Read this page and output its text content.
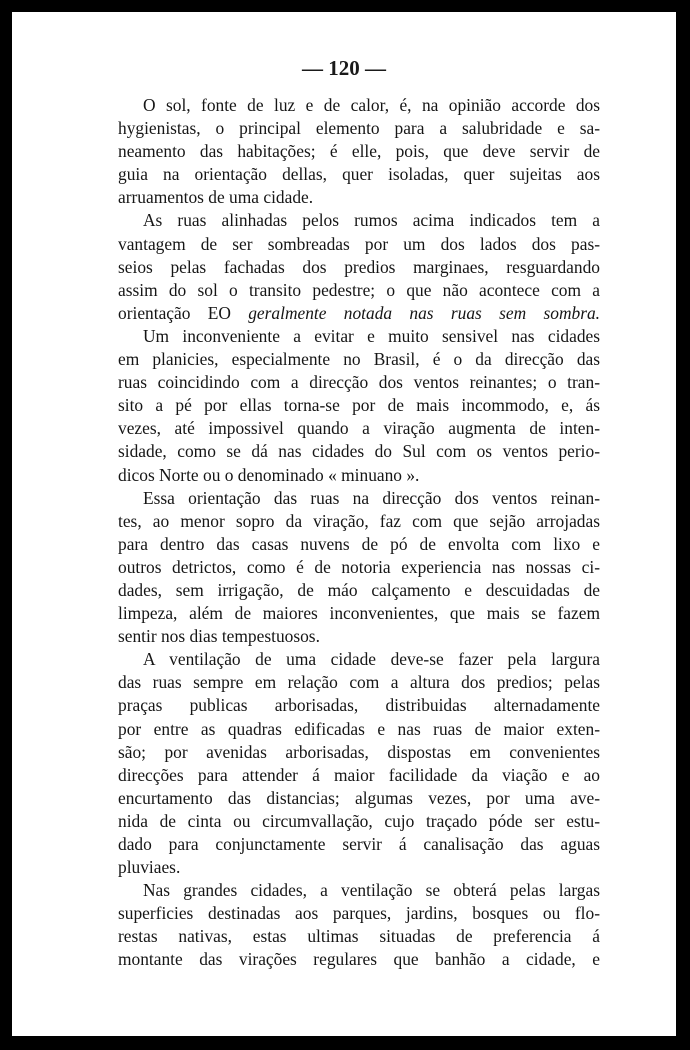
— 120 —
O sol, fonte de luz e de calor, é, na opinião accorde dos
hygienistas, o principal elemento para a salubridade e sa-
neamento das habitações; é elle, pois, que deve servir de
guia na orientação dellas, quer isoladas, quer sujeitas aos
arruamentos de uma cidade.
As ruas alinhadas pelos rumos acima indicados tem a
vantagem de ser sombreadas por um dos lados dos pas-
seios pelas fachadas dos predios marginaes, resguardando
assim do sol o transito pedestre; o que não acontece com a
orientação EO geralmente notada nas ruas sem sombra.
Um inconveniente a evitar e muito sensivel nas cidades
em planicies, especialmente no Brasil, é o da direcção das
ruas coincidindo com a direcção dos ventos reinantes; o tran-
sito a pé por ellas torna-se por de mais incommodo, e, ás
vezes, até impossivel quando a viração augmenta de inten-
sidade, como se dá nas cidades do Sul com os ventos perio-
dicos Norte ou o denominado « minuano ».
Essa orientação das ruas na direcção dos ventos reinan-
tes, ao menor sopro da viração, faz com que sejão arrojadas
para dentro das casas nuvens de pó de envolta com lixo e
outros detrictos, como é de notoria experiencia nas nossas ci-
dades, sem irrigação, de máo calçamento e descuidadas de
limpeza, além de maiores inconvenientes, que mais se fazem
sentir nos dias tempestuosos.
A ventilação de uma cidade deve-se fazer pela largura
das ruas sempre em relação com a altura dos predios; pelas
praças publicas arborisadas, distribuidas alternadamente
por entre as quadras edificadas e nas ruas de maior exten-
são; por avenidas arborisadas, dispostas em convenientes
direcções para attender á maior facilidade da viação e ao
encurtamento das distancias; algumas vezes, por uma ave-
nida de cinta ou circumvallação, cujo traçado póde ser estu-
dado para conjunctamente servir á canalisação das aguas
pluviaes.
Nas grandes cidades, a ventilação se obterá pelas largas
superficies destinadas aos parques, jardins, bosques ou flo-
restas nativas, estas ultimas situadas de preferencia á
montante das virações regulares que banhão a cidade, e
